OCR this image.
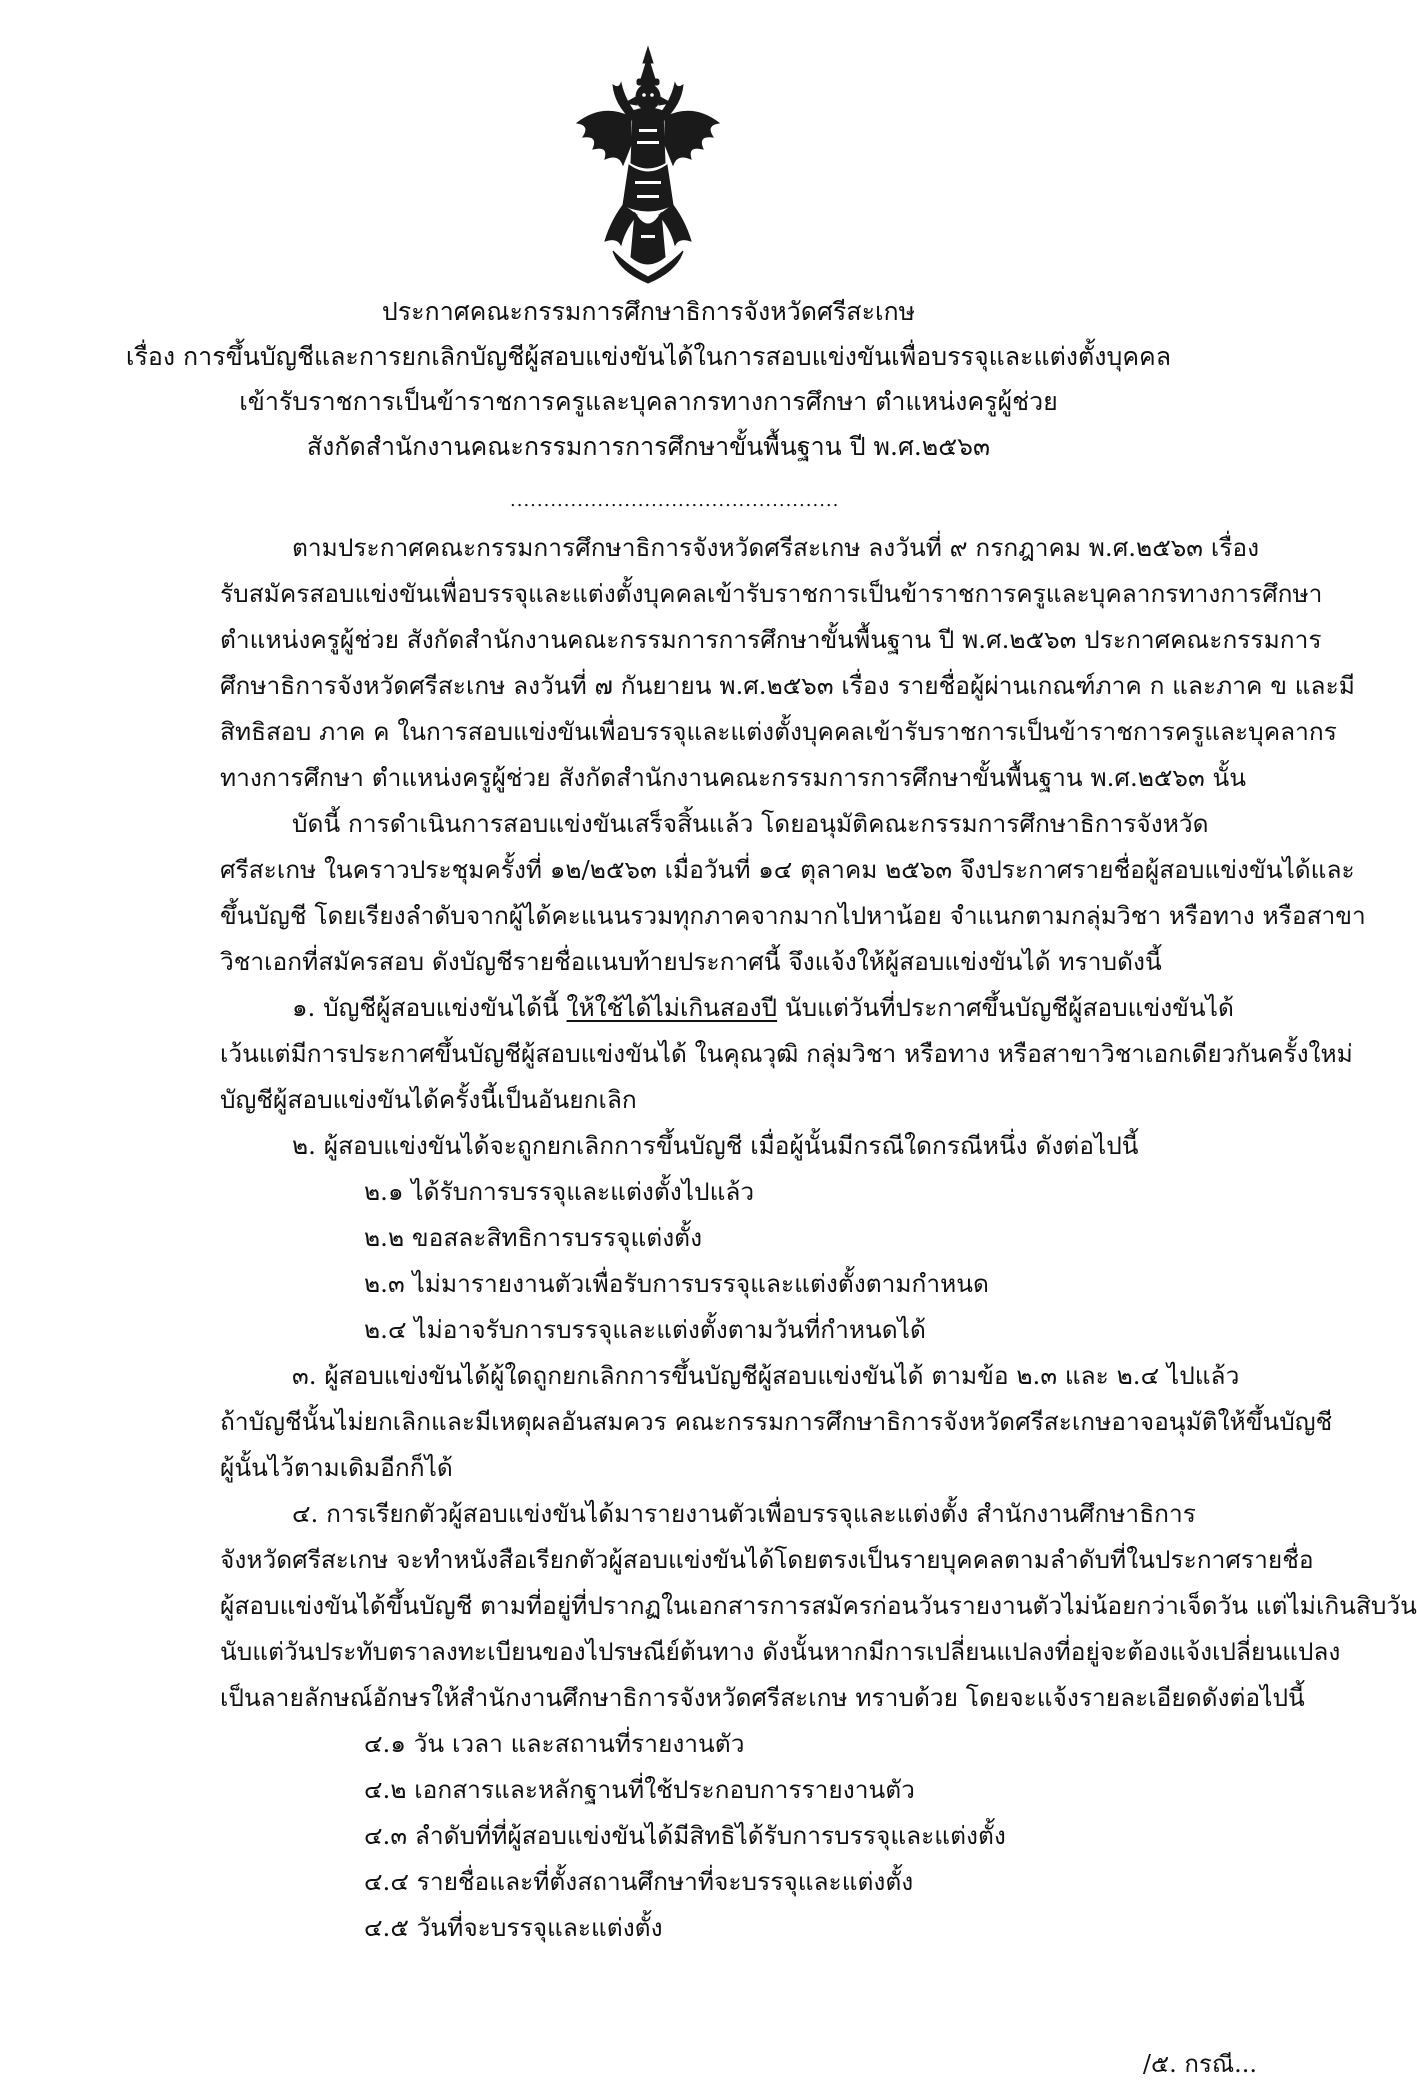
ประกาศคณะกรรมการศึกษาธิการจังหวัดศรีสะเกษ
เรื่อง การขึ้นบัญชีและการยกเลิกบัญชีผู้สอบแข่งขันได้ในการสอบแข่งขันเพื่อบรรจุและแต่งตั้งบุคคล
เข้ารับราชการเป็นข้าราชการครูและบุคลากรทางการศึกษา ตำแหน่งครูผู้ช่วย
สังกัดสำนักงานคณะกรรมการการศึกษาขั้นพื้นฐาน ปี พ.ศ.๒๕๖๓
.................................................
ตามประกาศคณะกรรมการศึกษาธิการจังหวัดศรีสะเกษ ลงวันที่ ๙ กรกฎาคม พ.ศ.๒๕๖๓ เรื่อง
รับสมัครสอบแข่งขันเพื่อบรรจุและแต่งตั้งบุคคลเข้ารับราชการเป็นข้าราชการครูและบุคลากรทางการศึกษา
ตำแหน่งครูผู้ช่วย สังกัดสำนักงานคณะกรรมการการศึกษาขั้นพื้นฐาน ปี พ.ศ.๒๕๖๓ ประกาศคณะกรรมการ
ศึกษาธิการจังหวัดศรีสะเกษ ลงวันที่ ๗ กันยายน พ.ศ.๒๕๖๓ เรื่อง รายชื่อผู้ผ่านเกณฑ์ภาค ก และภาค ข และมี
สิทธิสอบ ภาค ค ในการสอบแข่งขันเพื่อบรรจุและแต่งตั้งบุคคลเข้ารับราชการเป็นข้าราชการครูและบุคลากร
ทางการศึกษา ตำแหน่งครูผู้ช่วย สังกัดสำนักงานคณะกรรมการการศึกษาขั้นพื้นฐาน พ.ศ.๒๕๖๓ นั้น
บัดนี้ การดำเนินการสอบแข่งขันเสร็จสิ้นแล้ว โดยอนุมัติคณะกรรมการศึกษาธิการจังหวัด
ศรีสะเกษ ในคราวประชุมครั้งที่ ๑๒/๒๕๖๓ เมื่อวันที่ ๑๔ ตุลาคม ๒๕๖๓ จึงประกาศรายชื่อผู้สอบแข่งขันได้และ
ขึ้นบัญชี โดยเรียงลำดับจากผู้ได้คะแนนรวมทุกภาคจากมากไปหาน้อย จำแนกตามกลุ่มวิชา หรือทาง หรือสาขา
วิชาเอกที่สมัครสอบ ดังบัญชีรายชื่อแนบท้ายประกาศนี้ จึงแจ้งให้ผู้สอบแข่งขันได้ ทราบดังนี้
๑. บัญชีผู้สอบแข่งขันได้นี้ ให้ใช้ได้ไม่เกินสองปี นับแต่วันที่ประกาศขึ้นบัญชีผู้สอบแข่งขันได้
เว้นแต่มีการประกาศขึ้นบัญชีผู้สอบแข่งขันได้ ในคุณวุฒิ กลุ่มวิชา หรือทาง หรือสาขาวิชาเอกเดียวกันครั้งใหม่
บัญชีผู้สอบแข่งขันได้ครั้งนี้เป็นอันยกเลิก
๒. ผู้สอบแข่งขันได้จะถูกยกเลิกการขึ้นบัญชี เมื่อผู้นั้นมีกรณีใดกรณีหนึ่ง ดังต่อไปนี้
๒.๑ ได้รับการบรรจุและแต่งตั้งไปแล้ว
๒.๒ ขอสละสิทธิการบรรจุแต่งตั้ง
๒.๓ ไม่มารายงานตัวเพื่อรับการบรรจุและแต่งตั้งตามกำหนด
๒.๔ ไม่อาจรับการบรรจุและแต่งตั้งตามวันที่กำหนดได้
๓. ผู้สอบแข่งขันได้ผู้ใดถูกยกเลิกการขึ้นบัญชีผู้สอบแข่งขันได้ ตามข้อ ๒.๓ และ ๒.๔ ไปแล้ว
ถ้าบัญชีนั้นไม่ยกเลิกและมีเหตุผลอันสมควร คณะกรรมการศึกษาธิการจังหวัดศรีสะเกษอาจอนุมัติให้ขึ้นบัญชี
ผู้นั้นไว้ตามเดิมอีกก็ได้
๔. การเรียกตัวผู้สอบแข่งขันได้มารายงานตัวเพื่อบรรจุและแต่งตั้ง สำนักงานศึกษาธิการ
จังหวัดศรีสะเกษ จะทำหนังสือเรียกตัวผู้สอบแข่งขันได้โดยตรงเป็นรายบุคคลตามลำดับที่ในประกาศรายชื่อ
ผู้สอบแข่งขันได้ขึ้นบัญชี ตามที่อยู่ที่ปรากฏในเอกสารการสมัครก่อนวันรายงานตัวไม่น้อยกว่าเจ็ดวัน แต่ไม่เกินสิบวัน
นับแต่วันประทับตราลงทะเบียนของไปรษณีย์ต้นทาง ดังนั้นหากมีการเปลี่ยนแปลงที่อยู่จะต้องแจ้งเปลี่ยนแปลง
เป็นลายลักษณ์อักษรให้สำนักงานศึกษาธิการจังหวัดศรีสะเกษ ทราบด้วย โดยจะแจ้งรายละเอียดดังต่อไปนี้
๔.๑ วัน เวลา และสถานที่รายงานตัว
๔.๒ เอกสารและหลักฐานที่ใช้ประกอบการรายงานตัว
๔.๓ ลำดับที่ที่ผู้สอบแข่งขันได้มีสิทธิได้รับการบรรจุและแต่งตั้ง
๔.๔ รายชื่อและที่ตั้งสถานศึกษาที่จะบรรจุและแต่งตั้ง
๔.๕ วันที่จะบรรจุและแต่งตั้ง
/๕. กรณี...
